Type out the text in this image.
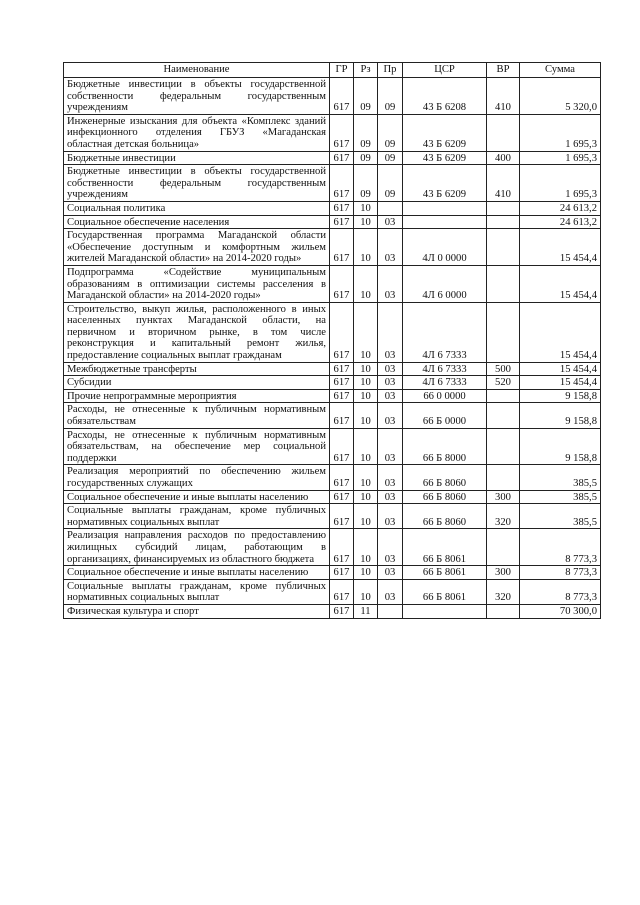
Наименование	ГР	Рз	Пр	ЦСР	ВР	Сумма
Бюджетные инвестиции в объекты государственной собственности федеральным государственным учреждениям	617	09	09	43 Б 6208	410	5 320,0
Инженерные изыскания для объекта «Комплекс зданий инфекционного отделения ГБУЗ «Магаданская областная детская больница»	617	09	09	43 Б 6209		1 695,3
Бюджетные инвестиции	617	09	09	43 Б 6209	400	1 695,3
Бюджетные инвестиции в объекты государственной собственности федеральным государственным учреждениям	617	09	09	43 Б 6209	410	1 695,3
Социальная политика	617	10				24 613,2
Социальное обеспечение населения	617	10	03			24 613,2
Государственная программа Магаданской области «Обеспечение доступным и комфортным жильем жителей Магаданской области» на 2014-2020 годы»	617	10	03	4Л 0 0000		15 454,4
Подпрограмма «Содействие муниципальным образованиям в оптимизации системы расселения в Магаданской области» на 2014-2020 годы»	617	10	03	4Л 6 0000		15 454,4
Строительство, выкуп жилья, расположенного в иных населенных пунктах Магаданской области, на первичном и вторичном рынке, в том числе реконструкция и капитальный ремонт жилья, предоставление социальных выплат гражданам	617	10	03	4Л 6 7333		15 454,4
Межбюджетные трансферты	617	10	03	4Л 6 7333	500	15 454,4
Субсидии	617	10	03	4Л 6 7333	520	15 454,4
Прочие непрограммные мероприятия	617	10	03	66 0 0000		9 158,8
Расходы, не отнесенные к публичным нормативным обязательствам	617	10	03	66 Б 0000		9 158,8
Расходы, не отнесенные к публичным нормативным обязательствам, на обеспечение мер социальной поддержки	617	10	03	66 Б 8000		9 158,8
Реализация мероприятий по обеспечению жильем государственных служащих	617	10	03	66 Б 8060		385,5
Социальное обеспечение и иные выплаты населению	617	10	03	66 Б 8060	300	385,5
Социальные выплаты гражданам, кроме публичных нормативных социальных выплат	617	10	03	66 Б 8060	320	385,5
Реализация направления расходов по предоставлению жилищных субсидий лицам, работающим в организациях, финансируемых из областного бюджета	617	10	03	66 Б 8061		8 773,3
Социальное обеспечение и иные выплаты населению	617	10	03	66 Б 8061	300	8 773,3
Социальные выплаты гражданам, кроме публичных нормативных социальных выплат	617	10	03	66 Б 8061	320	8 773,3
Физическая культура и спорт	617	11				70 300,0
